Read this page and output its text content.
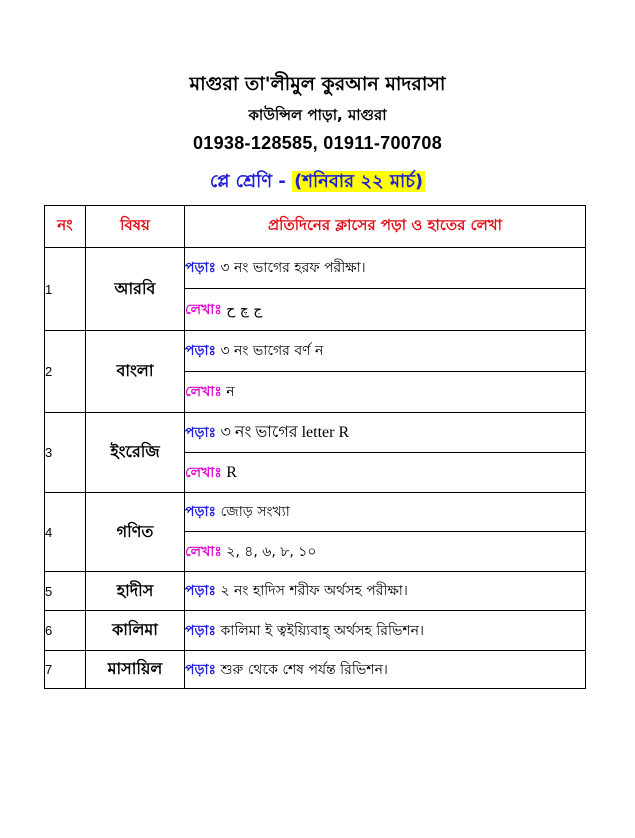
মাগুরা তা'লীমুল কুরআন মাদরাসা
কাউন্সিল পাড়া, মাগুরা
01938-128585, 01911-700708
প্লে শ্রেণি - (শনিবার ২২ মার্চ)
নং	বিষয়	প্রতিদিনের ক্লাসের পড়া ও হাতের লেখা
1	আরবি	পড়াঃ ৩ নং ভাগের হরফ পরীক্ষা।
		লেখাঃ ج چ ح
2	বাংলা	পড়াঃ ৩ নং ভাগের বর্ণ ন
		লেখাঃ ন
3	ইংরেজি	পড়াঃ ৩ নং ভাগের letter R
		লেখাঃ R
4	গণিত	পড়াঃ জোড় সংখ্যা
		লেখাঃ ২, ৪, ৬, ৮, ১০
5	হাদীস	পড়াঃ ২ নং হাদিস শরীফ অর্থসহ পরীক্ষা।
6	কালিমা	পড়াঃ কালিমা ই ত্বইয়্যিবাহ্ অর্থসহ রিভিশন।
7	মাসায়িল	পড়াঃ শুরু থেকে শেষ পর্যন্ত রিভিশন।
